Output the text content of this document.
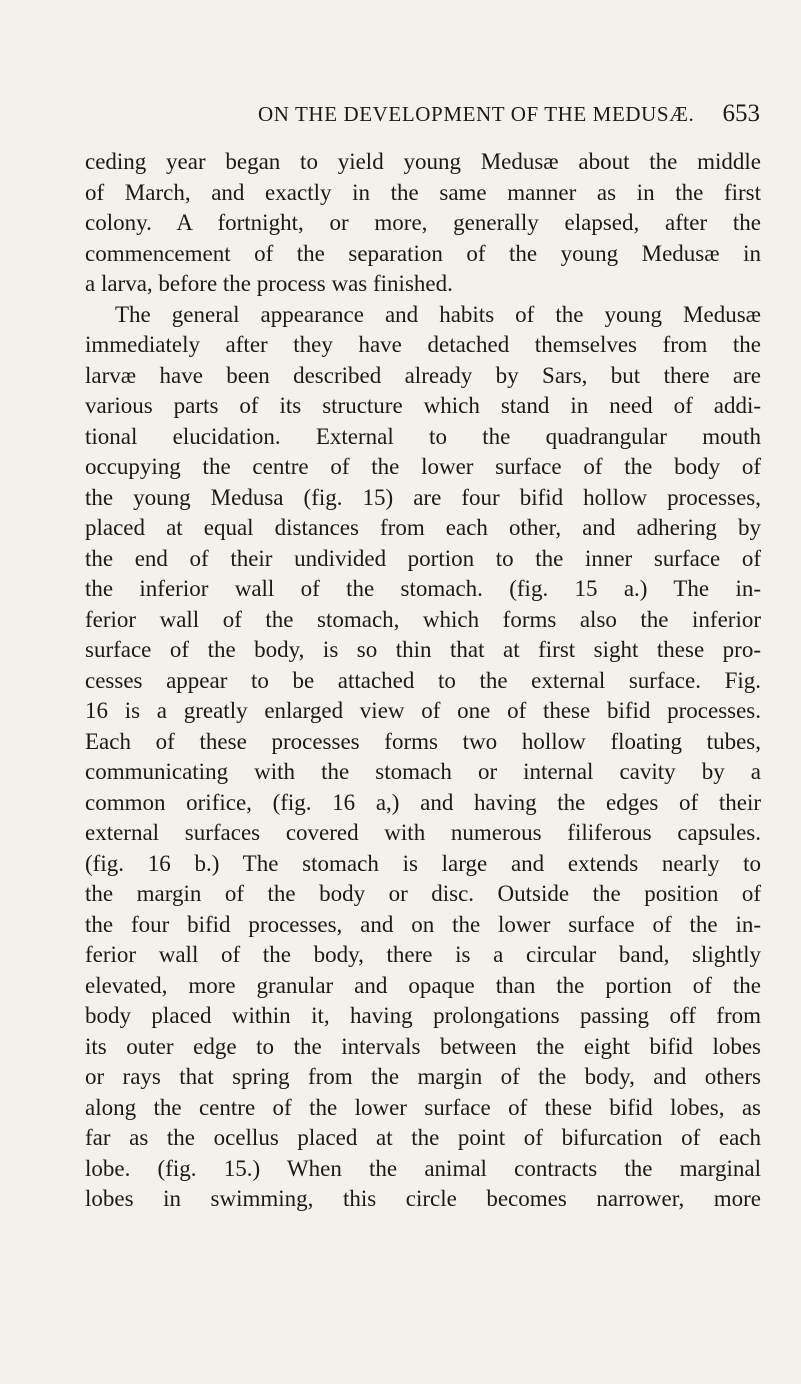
ON THE DEVELOPMENT OF THE MEDUSÆ. 653
ceding year began to yield young Medusæ about the middle
of March, and exactly in the same manner as in the first
colony. A fortnight, or more, generally elapsed, after the
commencement of the separation of the young Medusæ in
a larva, before the process was finished.
The general appearance and habits of the young Medusæ
immediately after they have detached themselves from the
larvæ have been described already by Sars, but there are
various parts of its structure which stand in need of addi-
tional elucidation. External to the quadrangular mouth
occupying the centre of the lower surface of the body of
the young Medusa (fig. 15) are four bifid hollow processes,
placed at equal distances from each other, and adhering by
the end of their undivided portion to the inner surface of
the inferior wall of the stomach. (fig. 15 a.) The in-
ferior wall of the stomach, which forms also the inferior
surface of the body, is so thin that at first sight these pro-
cesses appear to be attached to the external surface. Fig.
16 is a greatly enlarged view of one of these bifid processes.
Each of these processes forms two hollow floating tubes,
communicating with the stomach or internal cavity by a
common orifice, (fig. 16 a,) and having the edges of their
external surfaces covered with numerous filiferous capsules.
(fig. 16 b.) The stomach is large and extends nearly to
the margin of the body or disc. Outside the position of
the four bifid processes, and on the lower surface of the in-
ferior wall of the body, there is a circular band, slightly
elevated, more granular and opaque than the portion of the
body placed within it, having prolongations passing off from
its outer edge to the intervals between the eight bifid lobes
or rays that spring from the margin of the body, and others
along the centre of the lower surface of these bifid lobes, as
far as the ocellus placed at the point of bifurcation of each
lobe. (fig. 15.) When the animal contracts the marginal
lobes in swimming, this circle becomes narrower, more
